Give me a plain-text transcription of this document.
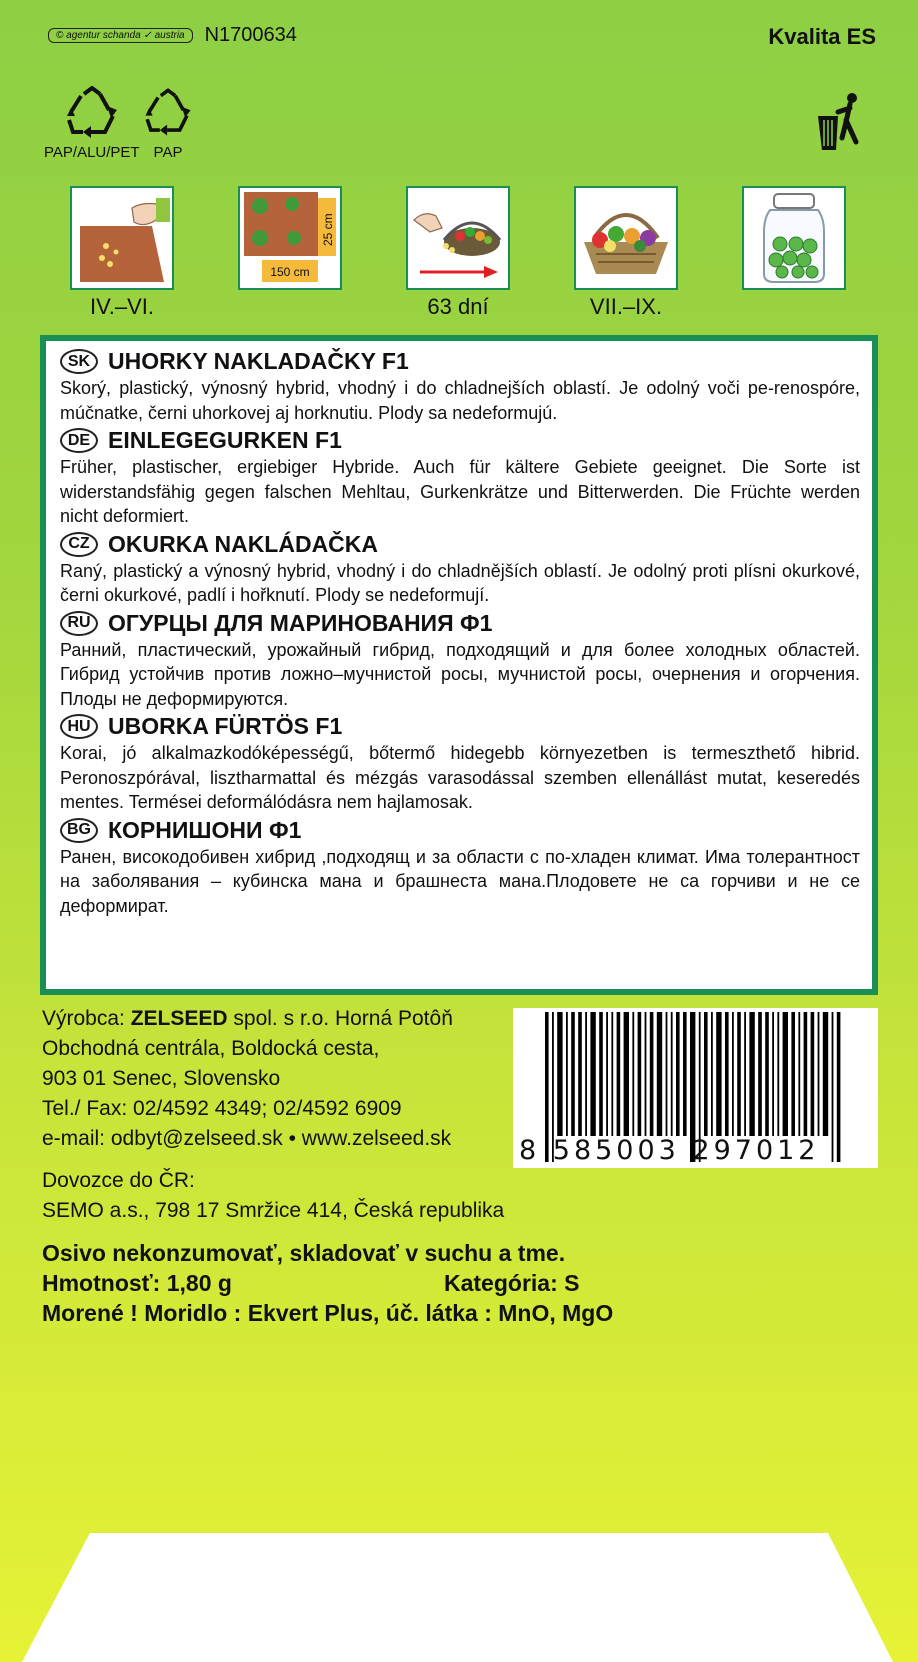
© agentur schanda ✓ austria	N1700634	Kvalita ES
PAP/ALU/PET PAP
150 cm
25 cm
IV.–VI.	63 dní	VII.–IX.
SK UHORKY NAKLADAČKY F1
Skorý, plastický, výnosný hybrid, vhodný i do chladnejších oblastí. Je odolný voči pe-renospóre, múčnatke, černi uhorkovej aj horknutiu. Plody sa nedeformujú.
DE EINLEGEGURKEN F1
Früher, plastischer, ergiebiger Hybride. Auch für kältere Gebiete geeignet. Die Sorte ist widerstandsfähig gegen falschen Mehltau, Gurkenkrätze und Bitterwerden. Die Früchte werden nicht deformiert.
CZ OKURKA NAKLÁDAČKA
Raný, plastický a výnosný hybrid, vhodný i do chladnějších oblastí. Je odolný proti plísni okurkové, černi okurkové, padlí i hořknutí. Plody se nedeformují.
RU ОГУРЦЫ ДЛЯ МАРИНОВАНИЯ Ф1
Ранний, пластический, урожайный гибрид, подходящий и для более холодных областей. Гибрид устойчив против ложно–мучнистой росы, мучнистой росы, очернения и огорчения. Плоды не деформируются.
HU UBORKA FÜRTÖS F1
Korai, jó alkalmazkodóképességű, bőtermő hidegebb környezetben is termeszthető hibrid. Peronoszpórával, lisztharmattal és mézgás varasodással szemben ellenállást mutat, keseredés mentes. Termései deformálódásra nem hajlamosak.
BG КОРНИШОНИ Ф1
Ранен, високодобивен хибрид ,подходящ и за области с по-хладен климат. Има толерантност на заболявания – кубинска мана и брашнеста мана.Плодовете не са горчиви и не се деформират.
Výrobca: ZELSEED spol. s r.o. Horná Potôň
Obchodná centrála, Boldocká cesta,
903 01 Senec, Slovensko
Tel./ Fax: 02/4592 4349; 02/4592 6909
e-mail: odbyt@zelseed.sk • www.zelseed.sk	8 585003 297012
Dovozce do ČR:
SEMO a.s., 798 17 Smržice 414, Česká republika
Osivo nekonzumovať, skladovať v suchu a tme.
Hmotnosť: 1,80 g	Kategória: S
Morené ! Moridlo : Ekvert Plus, úč. látka : MnO, MgO
